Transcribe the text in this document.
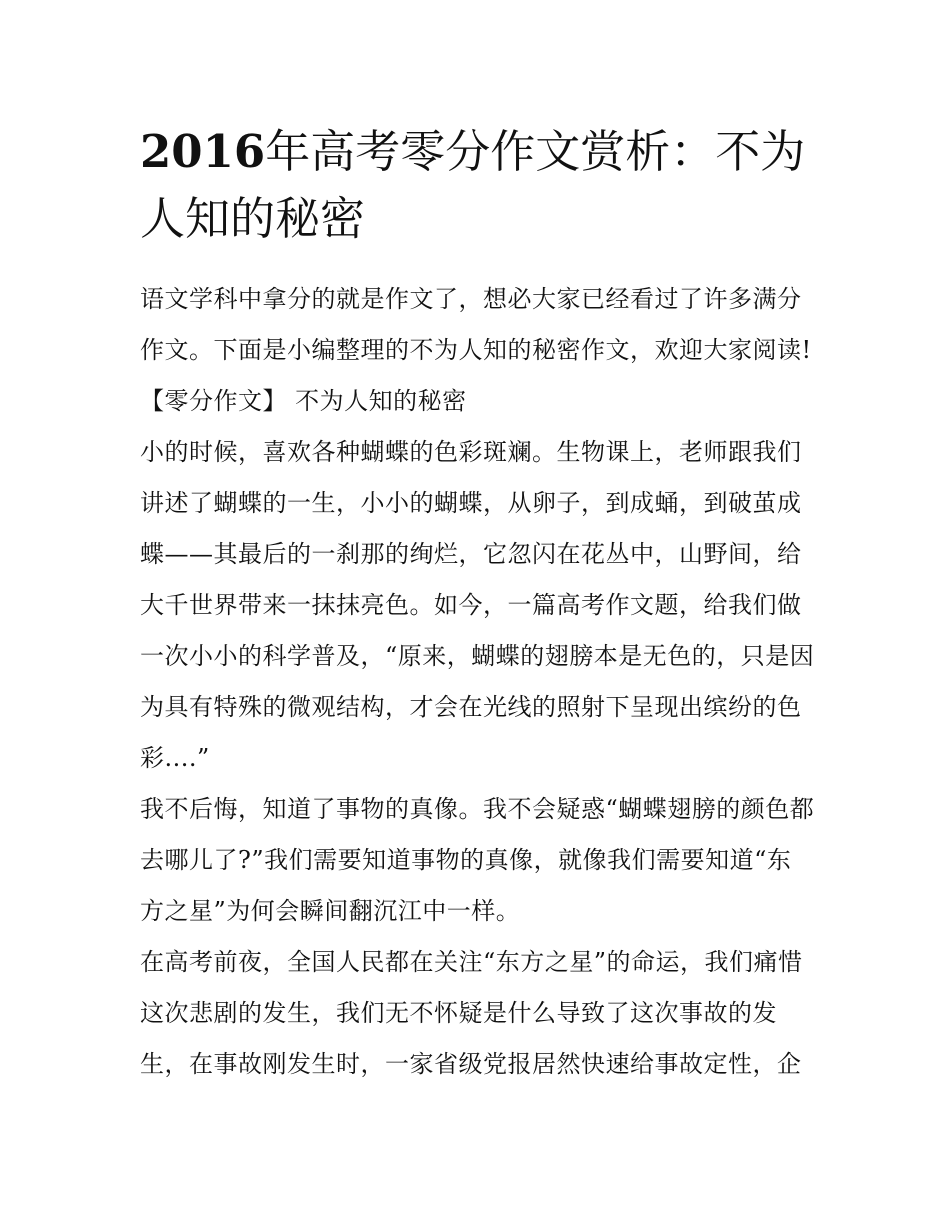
2016年高考零分作文赏析：不为人知的秘密

语文学科中拿分的就是作文了，想必大家已经看过了许多满分作文。下面是小编整理的不为人知的秘密作文，欢迎大家阅读! 【零分作文】 不为人知的秘密

小的时候，喜欢各种蝴蝶的色彩斑斓。生物课上，老师跟我们讲述了蝴蝶的一生，小小的蝴蝶，从卵子，到成蛹，到破茧成蝶——其最后的一刹那的绚烂，它忽闪在花丛中，山野间，给大千世界带来一抹抹亮色。如今，一篇高考作文题，给我们做一次小小的科学普及，“原来，蝴蝶的翅膀本是无色的，只是因为具有特殊的微观结构，才会在光线的照射下呈现出缤纷的色彩....”

我不后悔，知道了事物的真像。我不会疑惑“蝴蝶翅膀的颜色都去哪儿了?”我们需要知道事物的真像，就像我们需要知道“东方之星”为何会瞬间翻沉江中一样。

在高考前夜，全国人民都在关注“东方之星”的命运，我们痛惜这次悲剧的发生，我们无不怀疑是什么导致了这次事故的发生，在事故刚发生时，一家省级党报居然快速给事故定性，企
